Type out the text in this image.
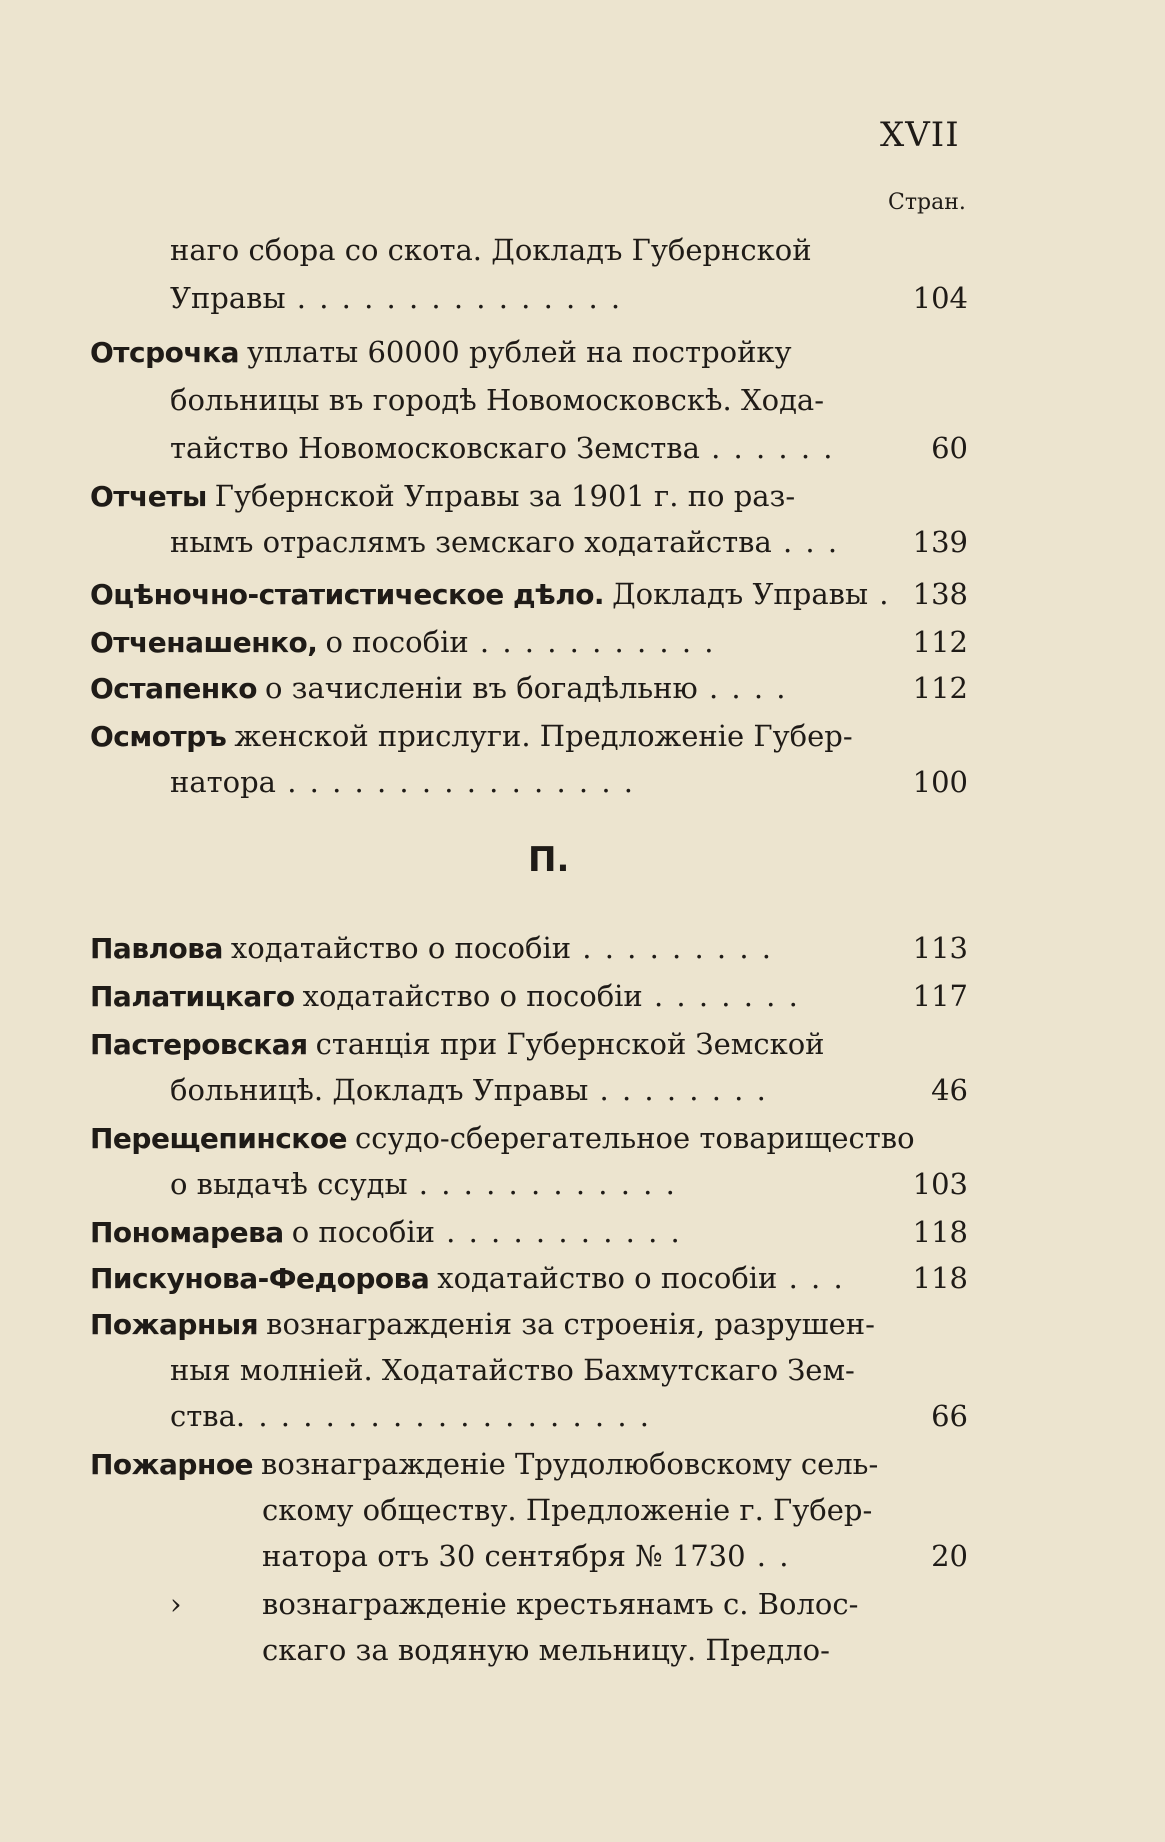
XVII
Стран.
наго сбора со скота. Докладъ Губернской
Управы . . . . . . . . . . . . . . .	104
Отсрочка уплаты 60000 рублей на постройку
больницы въ городѣ Новомосковскѣ. Хода-
тайство Новомосковскаго Земства . . . . . .	60
Отчеты Губернской Управы за 1901 г. по раз-
нымъ отраслямъ земскаго ходатайства . . .	139
Оцѣночно-статистическое дѣло. Докладъ Управы . 138
Отченашенко, о пособіи . . . . . . . . . . .	112
Остапенко о зачисленіи въ богадѣльню . . . .	112
Осмотръ женской прислуги. Предложеніе Губер-
натора . . . . . . . . . . . . . . . .	100
П.
Павлова ходатайство о пособіи . . . . . . . . .	113
Палатицкаго ходатайство о пособіи . . . . . . .	117
Пастеровская станція при Губернской Земской
больницѣ. Докладъ Управы . . . . . . . .	46
Перещепинское ссудо-сберегательное товарищество
о выдачѣ ссуды . . . . . . . . . . . .	103
Пономарева о пособіи . . . . . . . . . . .	118
Пискунова-Федорова ходатайство о пособіи . . .	118
Пожарныя вознагражденія за строенія, разрушен-
ныя молніей. Ходатайство Бахмутскаго Зем-
ства. . . . . . . . . . . . . . . . . . .	66
Пожарное вознагражденіе Трудолюбовскому сель-
скому обществу. Предложеніе г. Губер-
натора отъ 30 сентября № 1730 . .	20
›	вознагражденіе крестьянамъ с. Волос-
скаго за водяную мельницу. Предло-
